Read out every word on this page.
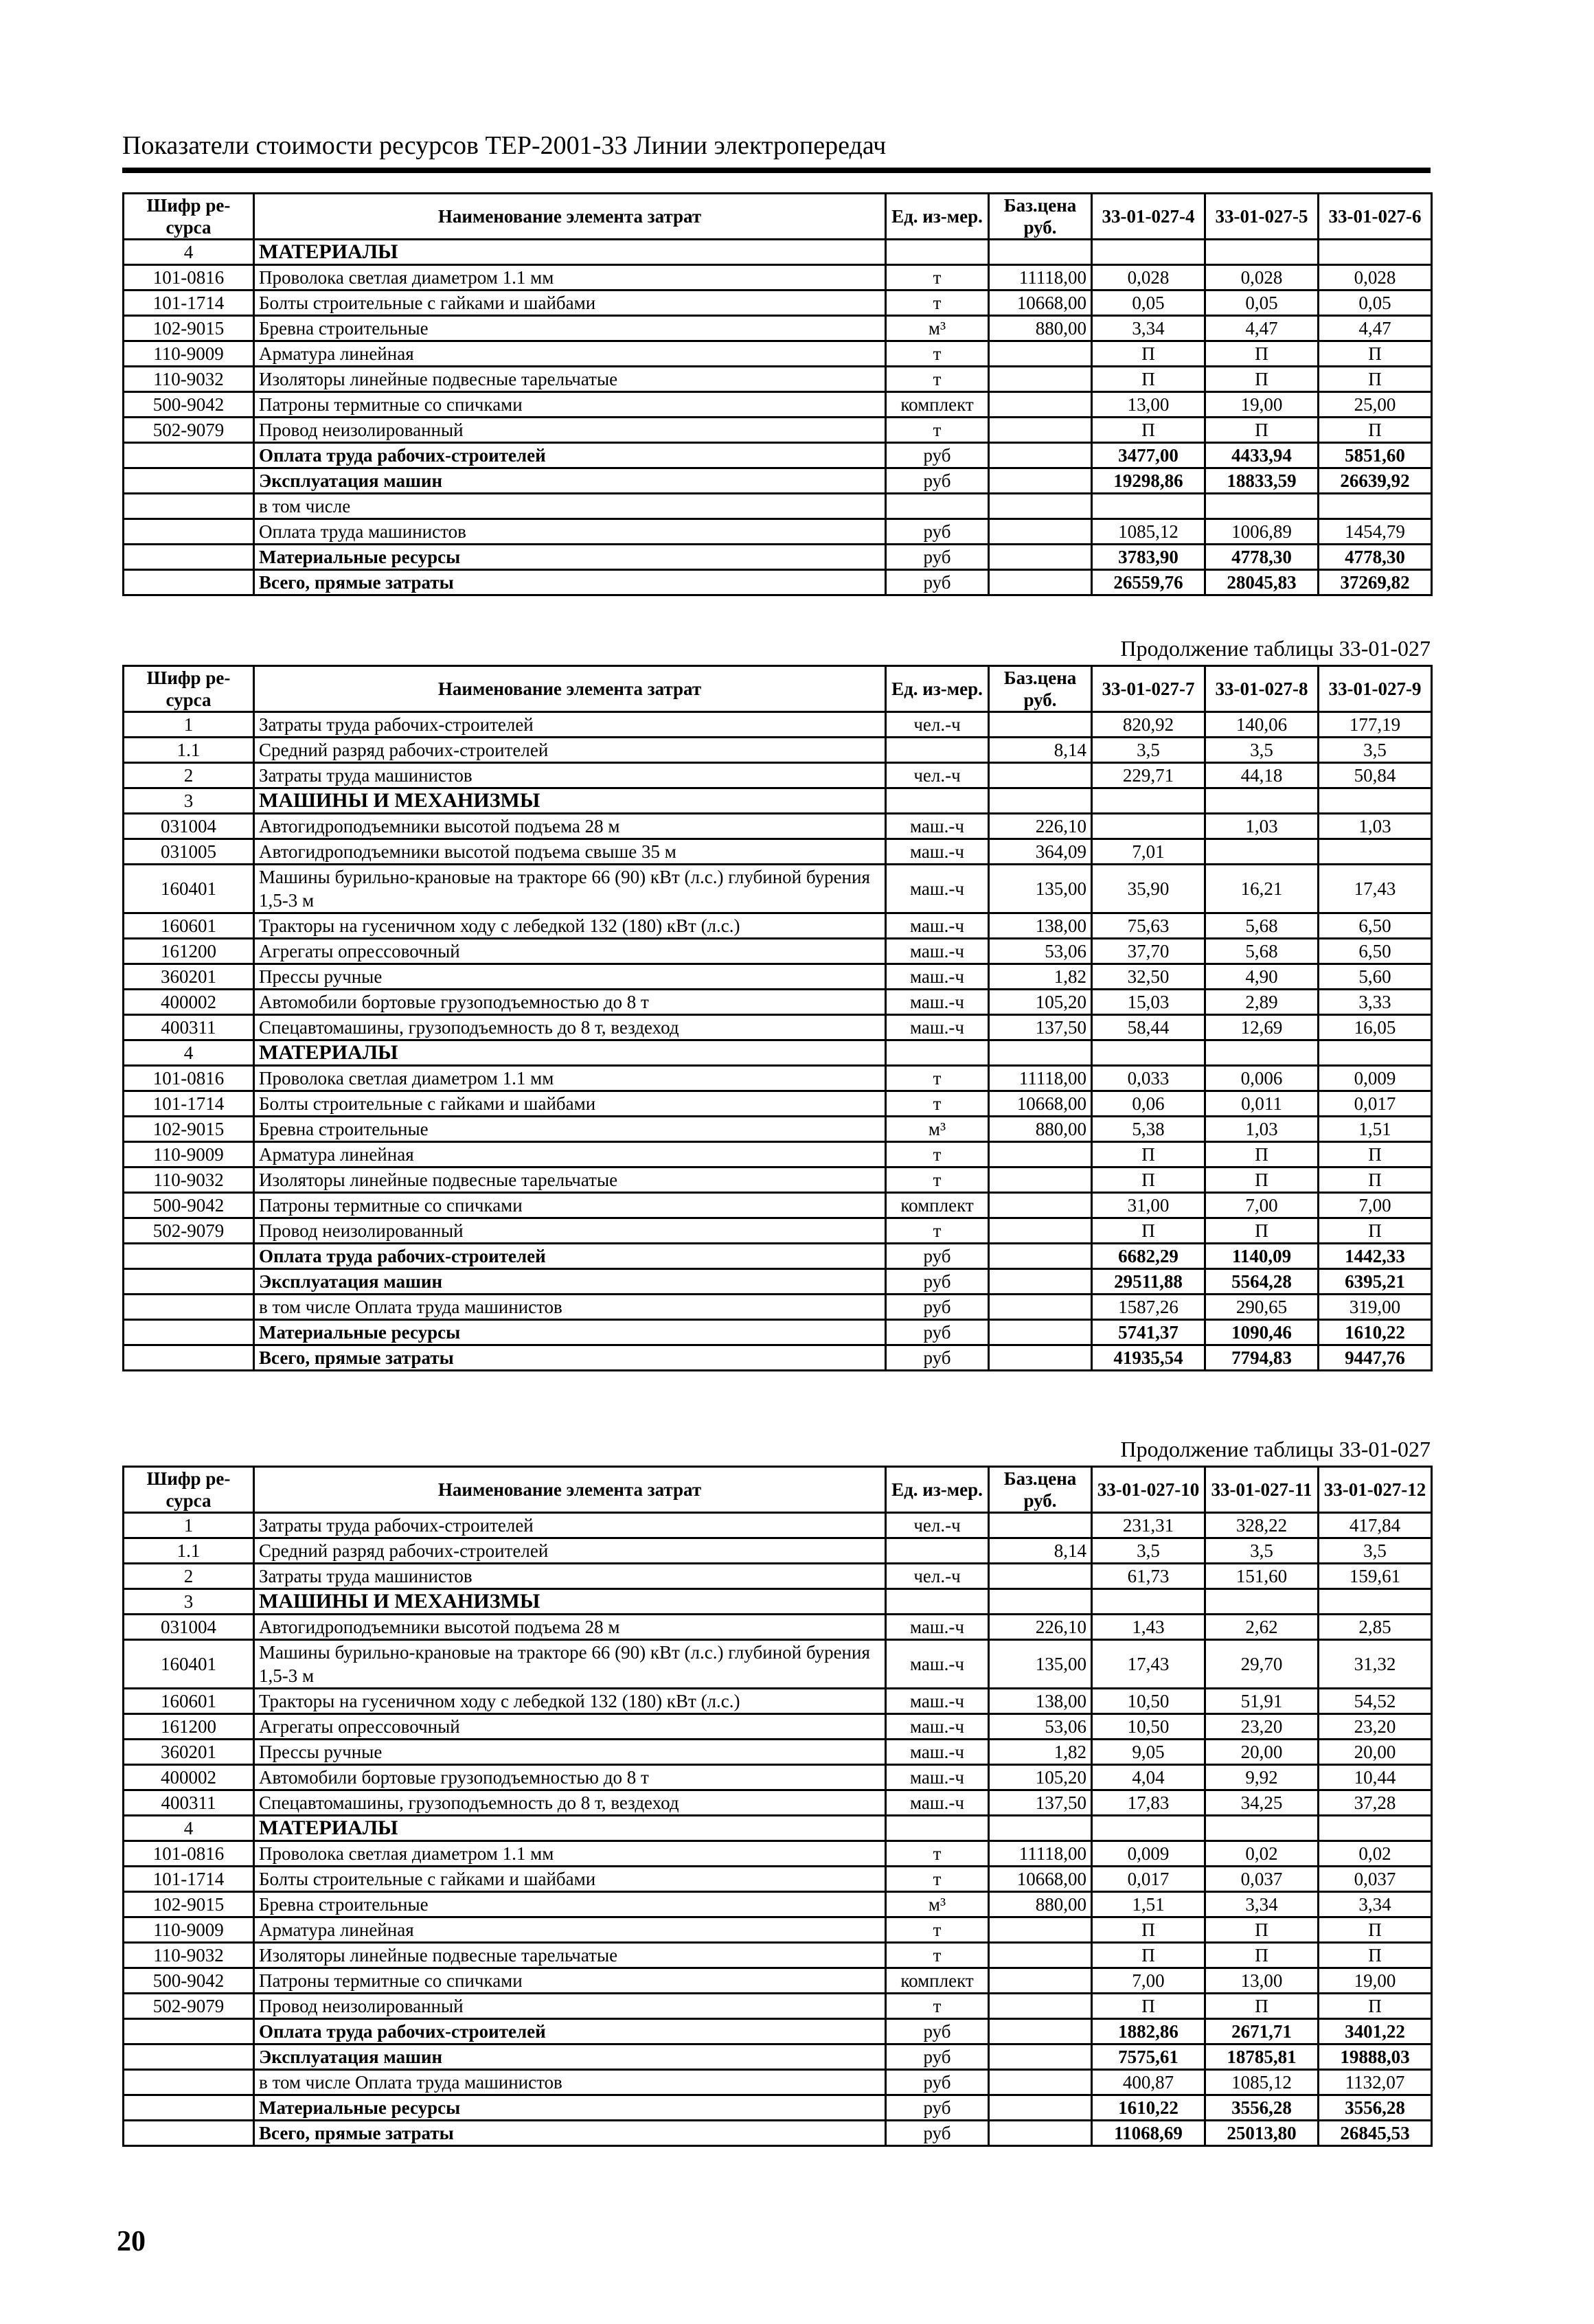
Показатели стоимости ресурсов ТЕР-2001-33 Линии электропередач
Шифр ре-сурса	Наименование элемента затрат	Ед. из-мер.	Баз.цена руб.	33-01-027-4	33-01-027-5	33-01-027-6
4	МАТЕРИАЛЫ					
101-0816	Проволока светлая диаметром 1.1 мм	т	11118,00	0,028	0,028	0,028
101-1714	Болты строительные с гайками и шайбами	т	10668,00	0,05	0,05	0,05
102-9015	Бревна строительные	м³	880,00	3,34	4,47	4,47
110-9009	Арматура линейная	т		П	П	П
110-9032	Изоляторы линейные подвесные тарельчатые	т		П	П	П
500-9042	Патроны термитные со спичками	комплект		13,00	19,00	25,00
502-9079	Провод неизолированный	т		П	П	П
	Оплата труда рабочих-строителей	руб		3477,00	4433,94	5851,60
	Эксплуатация машин	руб		19298,86	18833,59	26639,92
	в том числе					
	Оплата труда машинистов	руб		1085,12	1006,89	1454,79
	Материальные ресурсы	руб		3783,90	4778,30	4778,30
	Всего, прямые затраты	руб		26559,76	28045,83	37269,82
Продолжение таблицы 33-01-027
Шифр ре-сурса	Наименование элемента затрат	Ед. из-мер.	Баз.цена руб.	33-01-027-7	33-01-027-8	33-01-027-9
1	Затраты труда рабочих-строителей	чел.-ч		820,92	140,06	177,19
1.1	Средний разряд рабочих-строителей		8,14	3,5	3,5	3,5
2	Затраты труда машинистов	чел.-ч		229,71	44,18	50,84
3	МАШИНЫ И МЕХАНИЗМЫ					
031004	Автогидроподъемники высотой подъема 28 м	маш.-ч	226,10		1,03	1,03
031005	Автогидроподъемники высотой подъема свыше 35 м	маш.-ч	364,09	7,01		
160401	Машины бурильно-крановые на тракторе 66 (90) кВт (л.с.) глубиной бурения 1,5-3 м	маш.-ч	135,00	35,90	16,21	17,43
160601	Тракторы на гусеничном ходу с лебедкой 132 (180) кВт (л.с.)	маш.-ч	138,00	75,63	5,68	6,50
161200	Агрегаты опрессовочный	маш.-ч	53,06	37,70	5,68	6,50
360201	Прессы ручные	маш.-ч	1,82	32,50	4,90	5,60
400002	Автомобили бортовые грузоподъемностью до 8 т	маш.-ч	105,20	15,03	2,89	3,33
400311	Спецавтомашины, грузоподъемность до 8 т, вездеход	маш.-ч	137,50	58,44	12,69	16,05
4	МАТЕРИАЛЫ					
101-0816	Проволока светлая диаметром 1.1 мм	т	11118,00	0,033	0,006	0,009
101-1714	Болты строительные с гайками и шайбами	т	10668,00	0,06	0,011	0,017
102-9015	Бревна строительные	м³	880,00	5,38	1,03	1,51
110-9009	Арматура линейная	т		П	П	П
110-9032	Изоляторы линейные подвесные тарельчатые	т		П	П	П
500-9042	Патроны термитные со спичками	комплект		31,00	7,00	7,00
502-9079	Провод неизолированный	т		П	П	П
	Оплата труда рабочих-строителей	руб		6682,29	1140,09	1442,33
	Эксплуатация машин	руб		29511,88	5564,28	6395,21
	в том числе Оплата труда машинистов	руб		1587,26	290,65	319,00
	Материальные ресурсы	руб		5741,37	1090,46	1610,22
	Всего, прямые затраты	руб		41935,54	7794,83	9447,76
Продолжение таблицы 33-01-027
Шифр ре-сурса	Наименование элемента затрат	Ед. из-мер.	Баз.цена руб.	33-01-027-10	33-01-027-11	33-01-027-12
1	Затраты труда рабочих-строителей	чел.-ч		231,31	328,22	417,84
1.1	Средний разряд рабочих-строителей		8,14	3,5	3,5	3,5
2	Затраты труда машинистов	чел.-ч		61,73	151,60	159,61
3	МАШИНЫ И МЕХАНИЗМЫ					
031004	Автогидроподъемники высотой подъема 28 м	маш.-ч	226,10	1,43	2,62	2,85
160401	Машины бурильно-крановые на тракторе 66 (90) кВт (л.с.) глубиной бурения 1,5-3 м	маш.-ч	135,00	17,43	29,70	31,32
160601	Тракторы на гусеничном ходу с лебедкой 132 (180) кВт (л.с.)	маш.-ч	138,00	10,50	51,91	54,52
161200	Агрегаты опрессовочный	маш.-ч	53,06	10,50	23,20	23,20
360201	Прессы ручные	маш.-ч	1,82	9,05	20,00	20,00
400002	Автомобили бортовые грузоподъемностью до 8 т	маш.-ч	105,20	4,04	9,92	10,44
400311	Спецавтомашины, грузоподъемность до 8 т, вездеход	маш.-ч	137,50	17,83	34,25	37,28
4	МАТЕРИАЛЫ					
101-0816	Проволока светлая диаметром 1.1 мм	т	11118,00	0,009	0,02	0,02
101-1714	Болты строительные с гайками и шайбами	т	10668,00	0,017	0,037	0,037
102-9015	Бревна строительные	м³	880,00	1,51	3,34	3,34
110-9009	Арматура линейная	т		П	П	П
110-9032	Изоляторы линейные подвесные тарельчатые	т		П	П	П
500-9042	Патроны термитные со спичками	комплект		7,00	13,00	19,00
502-9079	Провод неизолированный	т		П	П	П
	Оплата труда рабочих-строителей	руб		1882,86	2671,71	3401,22
	Эксплуатация машин	руб		7575,61	18785,81	19888,03
	в том числе Оплата труда машинистов	руб		400,87	1085,12	1132,07
	Материальные ресурсы	руб		1610,22	3556,28	3556,28
	Всего, прямые затраты	руб		11068,69	25013,80	26845,53
20
